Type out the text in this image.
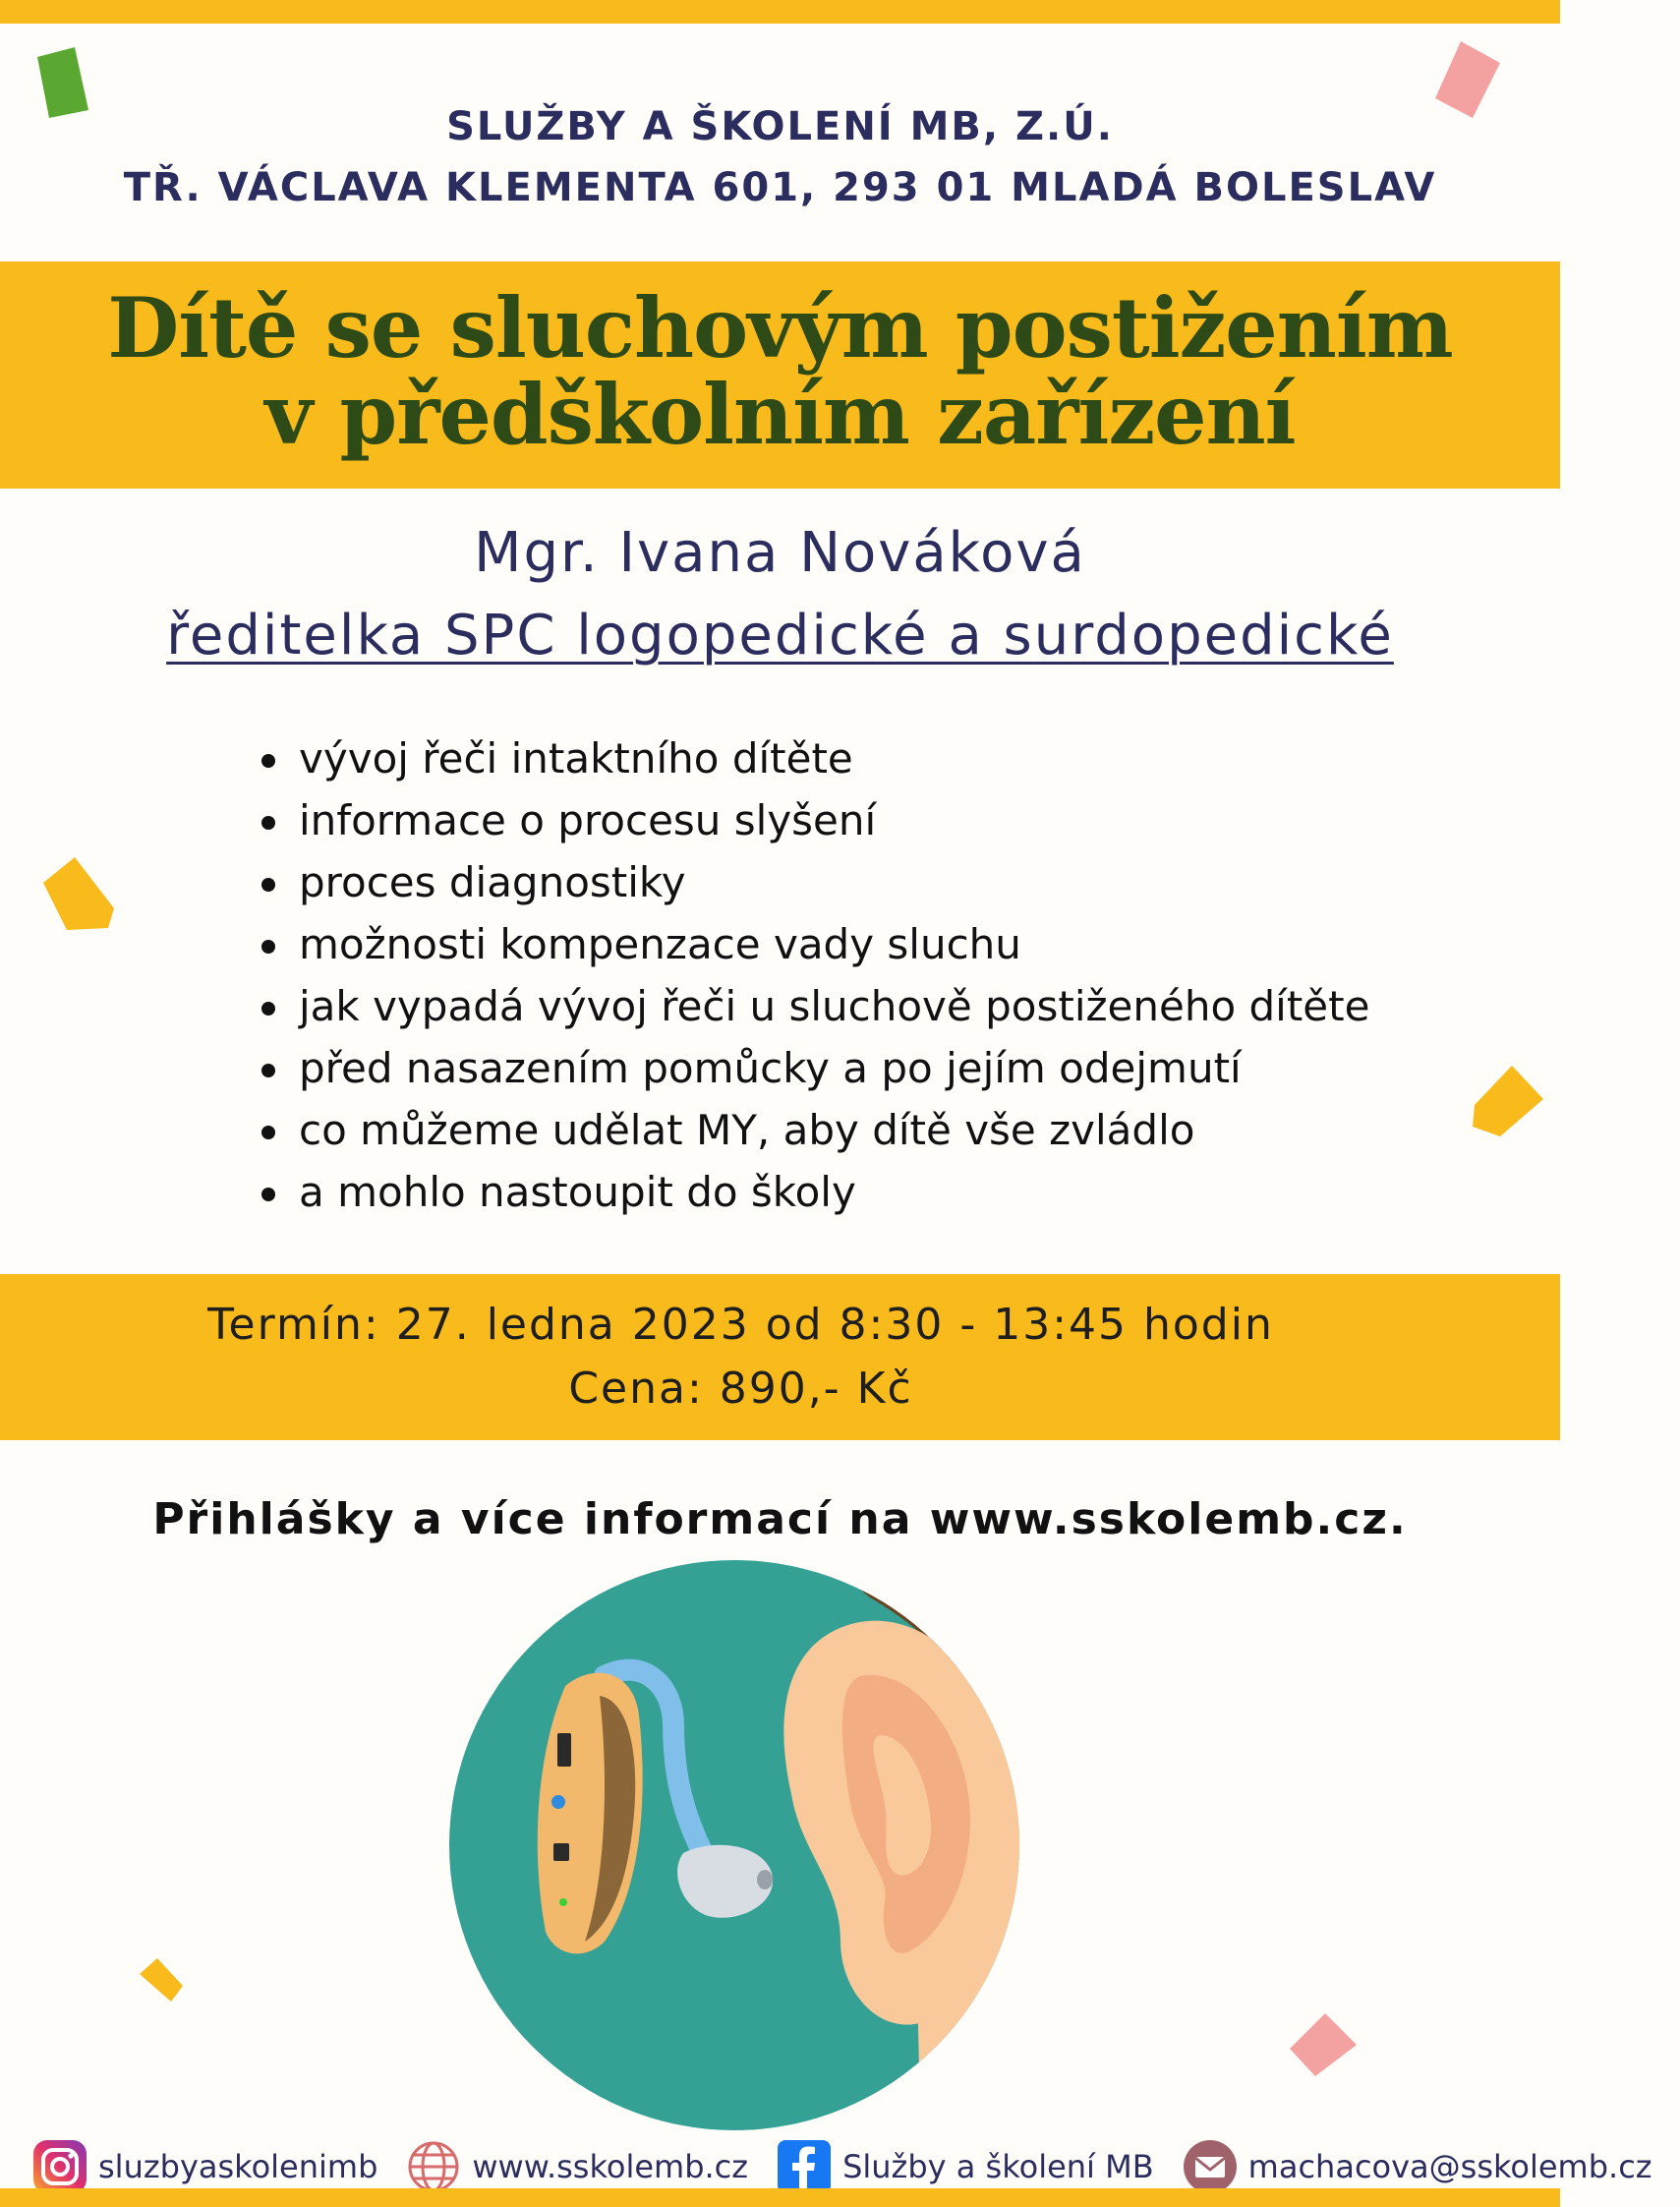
SLUŽBY A ŠKOLENÍ MB, Z.Ú.
TŘ. VÁCLAVA KLEMENTA 601, 293 01 MLADÁ BOLESLAV
Dítě se sluchovým postižením
v předškolním zařízení
Mgr. Ivana Nováková
ředitelka SPC logopedické a surdopedické
vývoj řeči intaktního dítěte
informace o procesu slyšení
proces diagnostiky
možnosti kompenzace vady sluchu
jak vypadá vývoj řeči u sluchově postiženého dítěte
před nasazením pomůcky a po jejím odejmutí
co můžeme udělat MY, aby dítě vše zvládlo
a mohlo nastoupit do školy
Termín: 27. ledna 2023 od 8:30 - 13:45 hodin
Cena: 890,- Kč
Přihlášky a více informací na www.sskolemb.cz.
sluzbyaskolenimb	www.sskolemb.cz	Služby a školení MB	machacova@sskolemb.cz
